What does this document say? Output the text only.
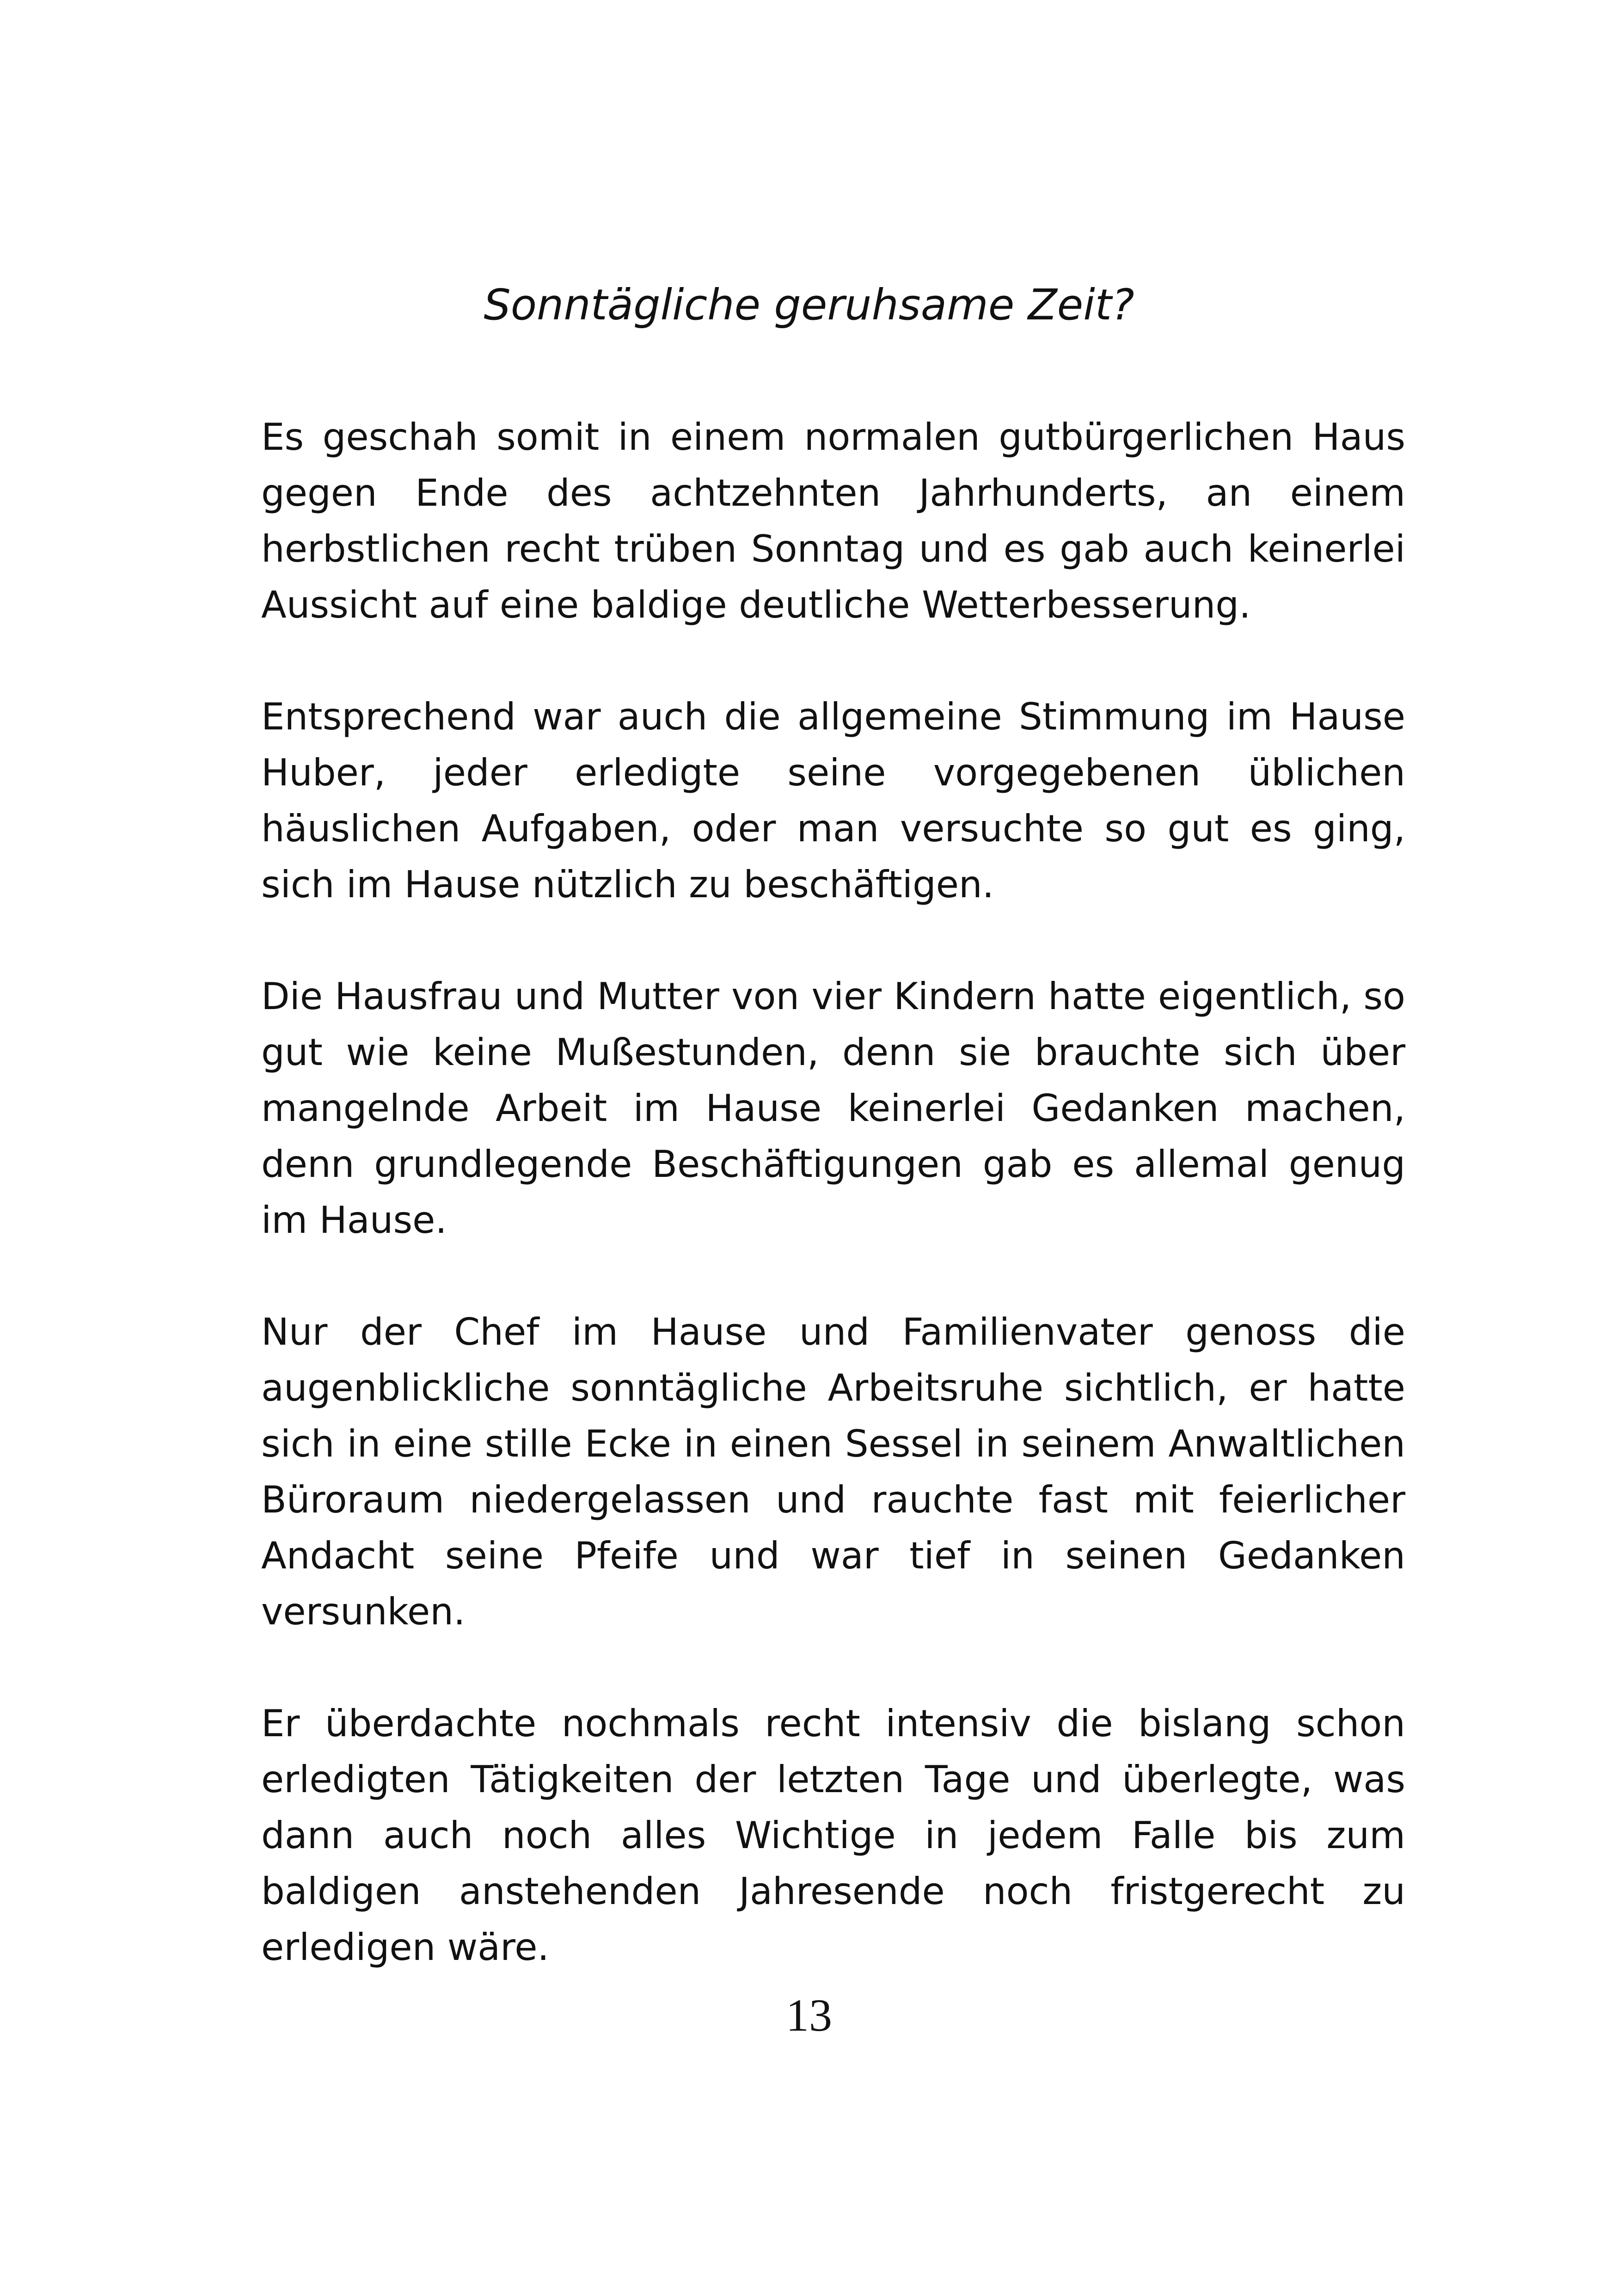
Sonntägliche geruhsame Zeit?

Es geschah somit in einem normalen gutbürgerlichen Haus gegen Ende des achtzehnten Jahrhunderts, an einem herbstlichen recht trüben Sonntag und es gab auch keinerlei Aussicht auf eine baldige deutliche Wetterbesserung.

Entsprechend war auch die allgemeine Stimmung im Hause Huber, jeder erledigte seine vorgegebenen üblichen häuslichen Aufgaben, oder man versuchte so gut es ging, sich im Hause nützlich zu beschäftigen.

Die Hausfrau und Mutter von vier Kindern hatte eigentlich, so gut wie keine Mußestunden, denn sie brauchte sich über mangelnde Arbeit im Hause keinerlei Gedanken machen, denn grundlegende Beschäftigungen gab es allemal genug im Hause.

Nur der Chef im Hause und Familienvater genoss die augenblickliche sonntägliche Arbeitsruhe sichtlich, er hatte sich in eine stille Ecke in einen Sessel in seinem Anwaltlichen Büroraum niedergelassen und rauchte fast mit feierlicher Andacht seine Pfeife und war tief in seinen Gedanken versunken.

Er überdachte nochmals recht intensiv die bislang schon erledigten Tätigkeiten der letzten Tage und überlegte, was dann auch noch alles Wichtige in jedem Falle bis zum baldigen anstehenden Jahresende noch fristgerecht zu erledigen wäre.

13
